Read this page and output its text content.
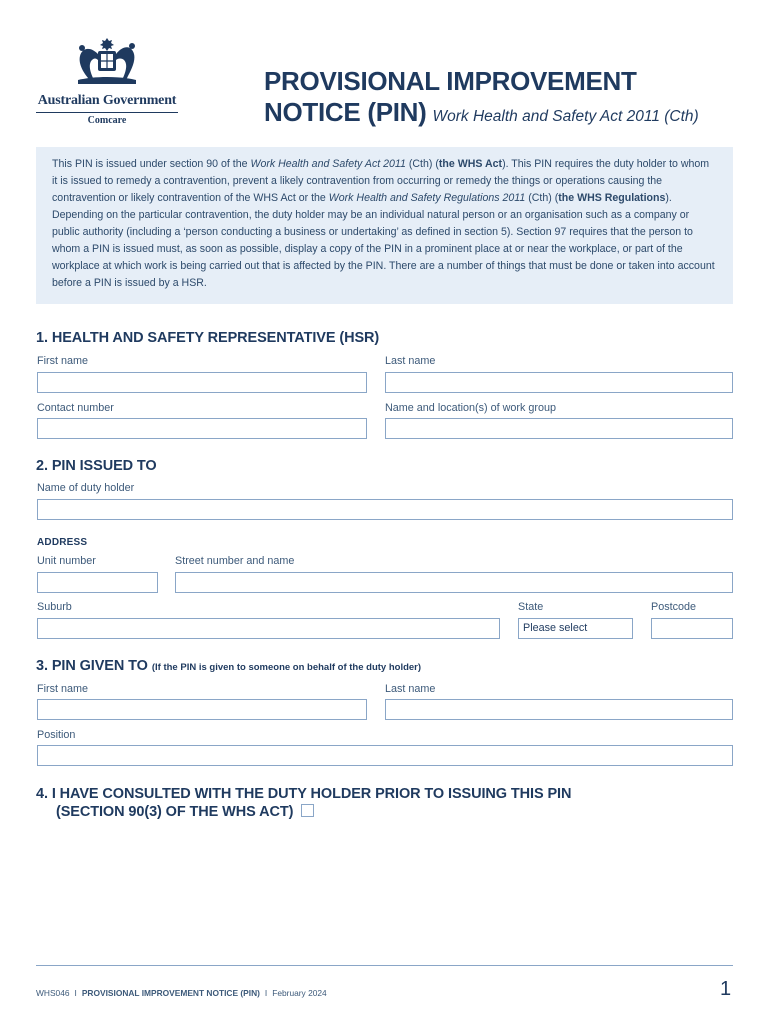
Australian Government
Comcare
PROVISIONAL IMPROVEMENT
NOTICE (PIN) Work Health and Safety Act 2011 (Cth)
This PIN is issued under section 90 of the Work Health and Safety Act 2011 (Cth) (the WHS Act). This PIN requires the duty holder to whom it is issued to remedy a contravention, prevent a likely contravention from occurring or remedy the things or operations causing the contravention or likely contravention of the WHS Act or the Work Health and Safety Regulations 2011 (Cth) (the WHS Regulations). Depending on the particular contravention, the duty holder may be an individual natural person or an organisation such as a company or public authority (including a ‘person conducting a business or undertaking’ as defined in section 5). Section 97 requires that the person to whom a PIN is issued must, as soon as possible, display a copy of the PIN in a prominent place at or near the workplace, or part of the workplace at which work is being carried out that is affected by the PIN. There are a number of things that must be done or taken into account before a PIN is issued by a HSR.
1. HEALTH AND SAFETY REPRESENTATIVE (HSR)
First name	Last name
Contact number	Name and location(s) of work group
2. PIN ISSUED TO
Name of duty holder
ADDRESS
Unit number	Street number and name
Suburb	State	Postcode
Please select
3. PIN GIVEN TO (If the PIN is given to someone on behalf of the duty holder)
First name	Last name
Position
4. I HAVE CONSULTED WITH THE DUTY HOLDER PRIOR TO ISSUING THIS PIN
(SECTION 90(3) OF THE WHS ACT)
WHS046 I PROVISIONAL IMPROVEMENT NOTICE (PIN) I February 2024	1
